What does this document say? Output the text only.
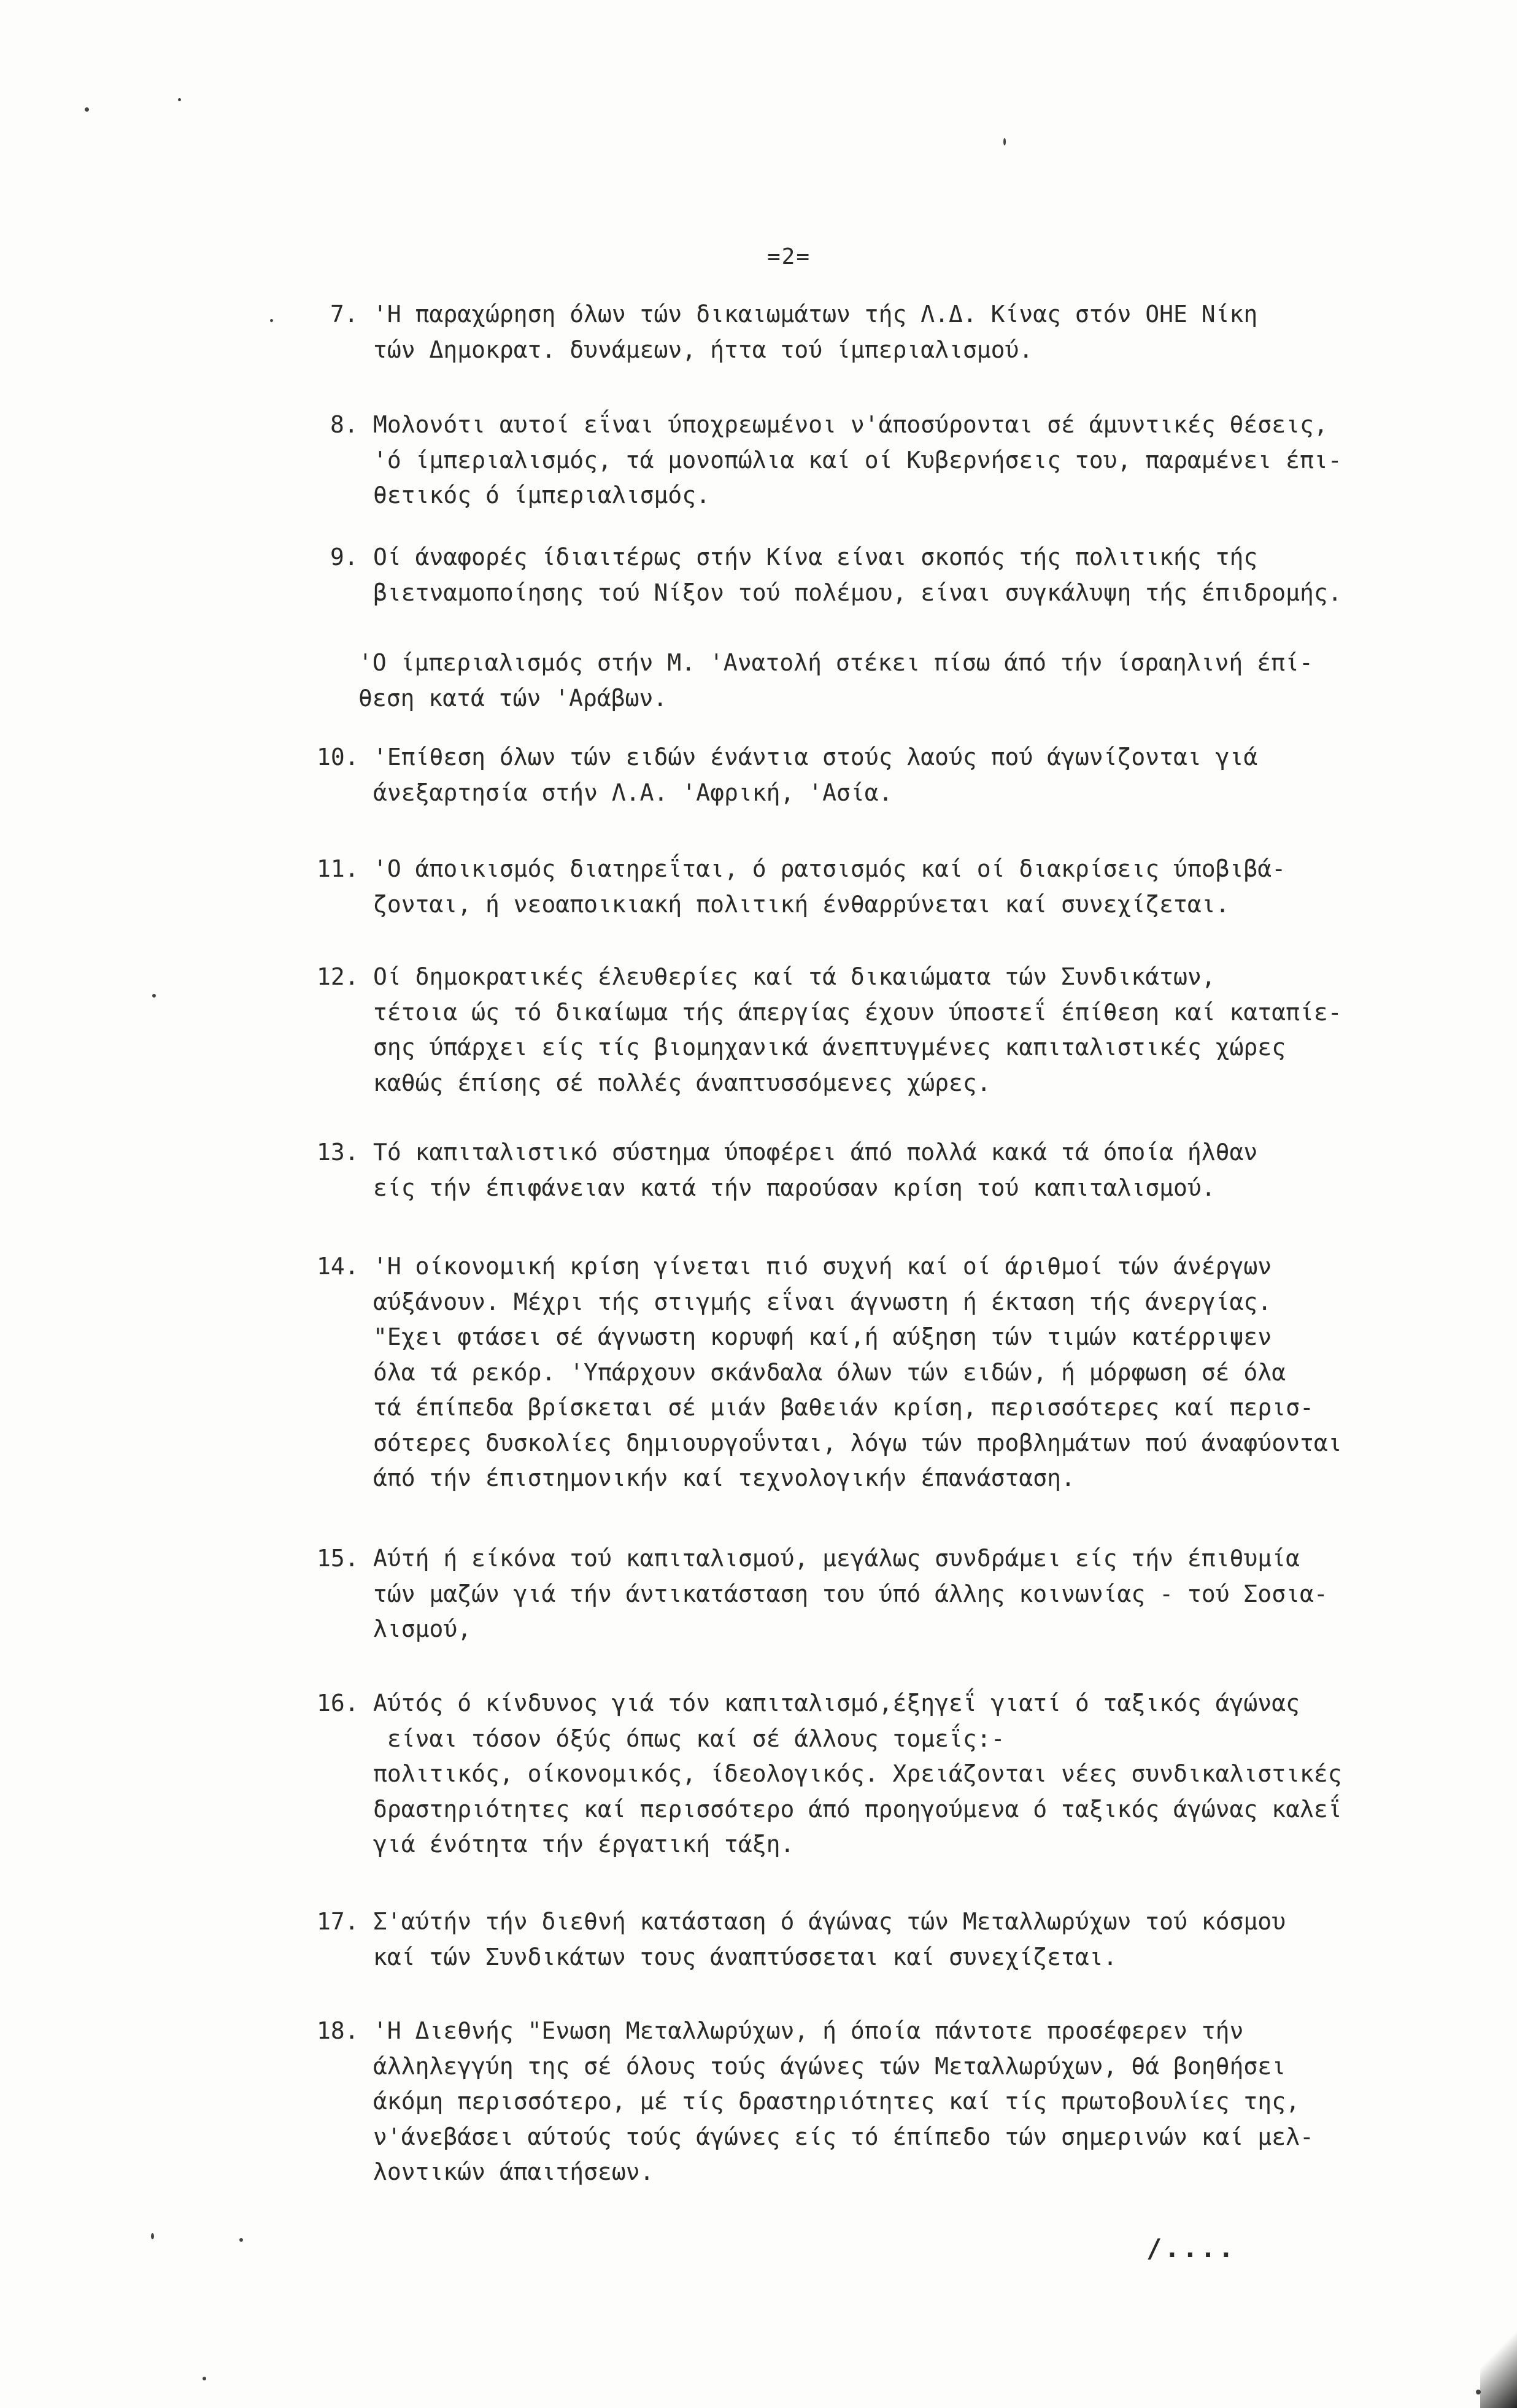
=2=
7. 'Η παραχώρηση όλων τών δικαιωμάτων τής Λ.Δ. Κίνας στόν ΟΗΕ Νίκη
τών Δημοκρατ. δυνάμεων, ήττα τού ίμπεριαλισμού.
8. Μολονότι αυτοί εΐναι ύποχρεωμένοι ν'άποσύρονται σέ άμυντικές θέσεις,
'ό ίμπεριαλισμός, τά μονοπώλια καί οί Κυβερνήσεις του, παραμένει έπι-
θετικός ό ίμπεριαλισμός.
9. Οί άναφορές ίδιαιτέρως στήν Κίνα είναι σκοπός τής πολιτικής τής
βιετναμοποίησης τού Νίξον τού πολέμου, είναι συγκάλυψη τής έπιδρομής.
'Ο ίμπεριαλισμός στήν Μ. 'Ανατολή στέκει πίσω άπό τήν ίσραηλινή έπί-
θεση κατά τών 'Αράβων.
10. 'Επίθεση όλων τών ειδών ένάντια στούς λαούς πού άγωνίζονται γιά
άνεξαρτησία στήν Λ.Α. 'Αφρική, 'Ασία.
11. 'Ο άποικισμός διατηρεΐται, ό ρατσισμός καί οί διακρίσεις ύποβιβά-
ζονται, ή νεοαποικιακή πολιτική ένθαρρύνεται καί συνεχίζεται.
12. Οί δημοκρατικές έλευθερίες καί τά δικαιώματα τών Συνδικάτων,
τέτοια ώς τό δικαίωμα τής άπεργίας έχουν ύποστεΐ έπίθεση καί καταπίε-
σης ύπάρχει είς τίς βιομηχανικά άνεπτυγμένες καπιταλιστικές χώρες
καθώς έπίσης σέ πολλές άναπτυσσόμενες χώρες.
13. Τό καπιταλιστικό σύστημα ύποφέρει άπό πολλά κακά τά όποία ήλθαν
είς τήν έπιφάνειαν κατά τήν παρούσαν κρίση τού καπιταλισμού.
14. 'Η οίκονομική κρίση γίνεται πιό συχνή καί οί άριθμοί τών άνέργων
αύξάνουν. Μέχρι τής στιγμής εΐναι άγνωστη ή έκταση τής άνεργίας.
"Εχει φτάσει σέ άγνωστη κορυφή καί,ή αύξηση τών τιμών κατέρριψεν
όλα τά ρεκόρ. 'Υπάρχουν σκάνδαλα όλων τών ειδών, ή μόρφωση σέ όλα
τά έπίπεδα βρίσκεται σέ μιάν βαθειάν κρίση, περισσότερες καί περισ-
σότερες δυσκολίες δημιουργοΰνται, λόγω τών προβλημάτων πού άναφύονται
άπό τήν έπιστημονικήν καί τεχνολογικήν έπανάσταση.
15. Αύτή ή είκόνα τού καπιταλισμού, μεγάλως συνδράμει είς τήν έπιθυμία
τών μαζών γιά τήν άντικατάσταση του ύπό άλλης κοινωνίας - τού Σοσια-
λισμού,
16. Αύτός ό κίνδυνος γιά τόν καπιταλισμό,έξηγεΐ γιατί ό ταξικός άγώνας
είναι τόσον όξύς όπως καί σέ άλλους τομεΐς:-
πολιτικός, οίκονομικός, ίδεολογικός. Χρειάζονται νέες συνδικαλιστικές
δραστηριότητες καί περισσότερο άπό προηγούμενα ό ταξικός άγώνας καλεΐ
γιά ένότητα τήν έργατική τάξη.
17. Σ'αύτήν τήν διεθνή κατάσταση ό άγώνας τών Μεταλλωρύχων τού κόσμου
καί τών Συνδικάτων τους άναπτύσσεται καί συνεχίζεται.
18. 'Η Διεθνής "Ενωση Μεταλλωρύχων, ή όποία πάντοτε προσέφερεν τήν
άλληλεγγύη της σέ όλους τούς άγώνες τών Μεταλλωρύχων, θά βοηθήσει
άκόμη περισσότερο, μέ τίς δραστηριότητες καί τίς πρωτοβουλίες της,
ν'άνεβάσει αύτούς τούς άγώνες είς τό έπίπεδο τών σημερινών καί μελ-
λοντικών άπαιτήσεων.
/....
